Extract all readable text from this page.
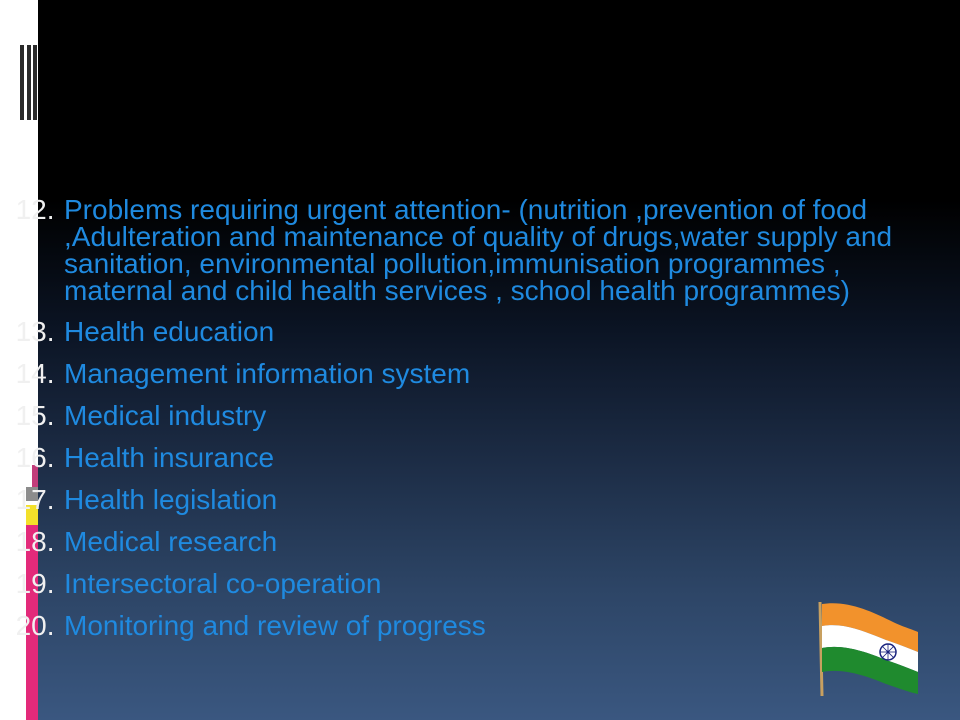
12. Problems requiring urgent attention- (nutrition ,prevention of food ,Adulteration and maintenance of quality of drugs,water supply and sanitation, environmental pollution,immunisation programmes , maternal and child health services , school health programmes)
13. Health education
14. Management information system
15. Medical industry
16. Health insurance
17. Health legislation
18. Medical research
19. Intersectoral co-operation
20. Monitoring and review of progress
